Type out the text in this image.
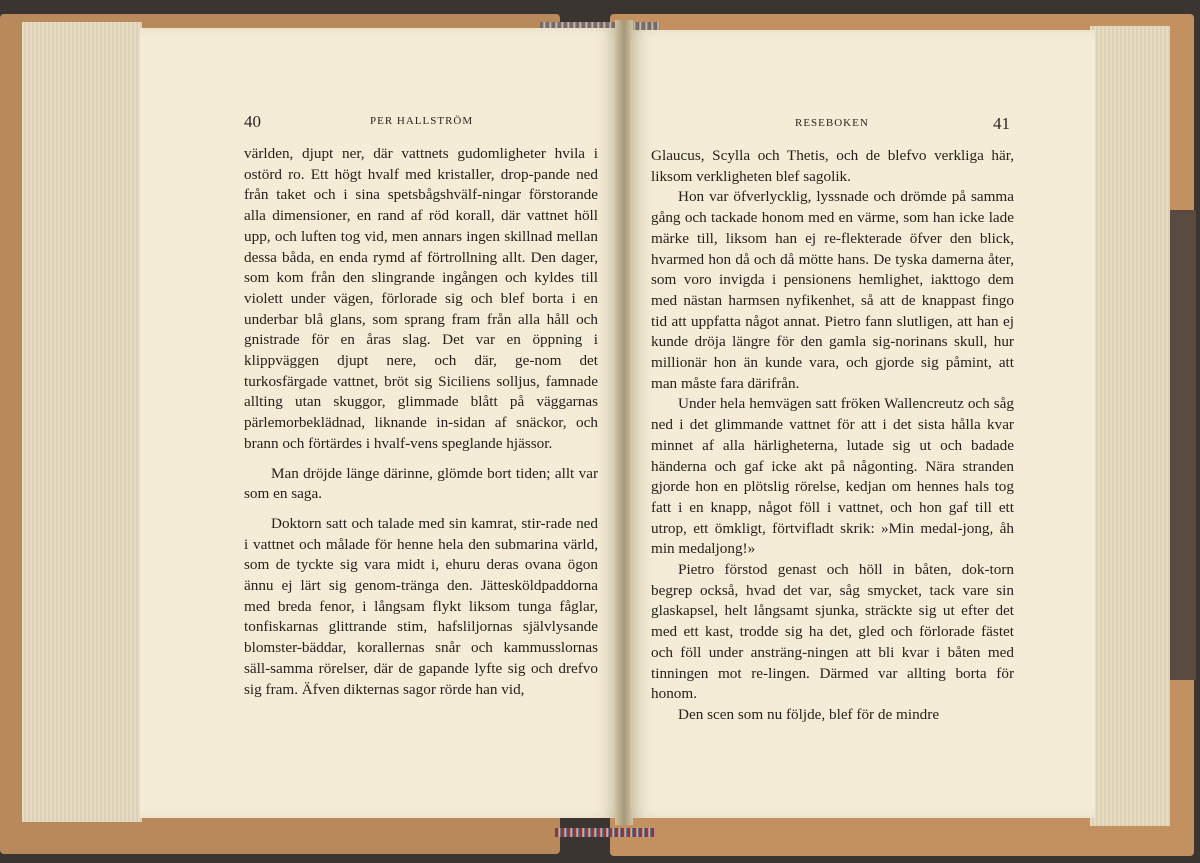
40	PER HALLSTRÖM

världen, djupt ner, där vattnets gudomligheter hvila i ostörd ro. Ett högt hvalf med kristaller, drop-pande ned från taket och i sina spetsbågshvälf-ningar förstorande alla dimensioner, en rand af röd korall, där vattnet höll upp, och luften tog vid, men annars ingen skillnad mellan dessa båda, en enda rymd af förtrollning allt. Den dager, som kom från den slingrande ingången och kyldes till violett under vägen, förlorade sig och blef borta i en underbar blå glans, som sprang fram från alla håll och gnistrade för en åras slag. Det var en öppning i klippväggen djupt nere, och där, ge-nom det turkosfärgade vattnet, bröt sig Siciliens solljus, famnade allting utan skuggor, glimmade blått på väggarnas pärlemorbeklädnad, liknande in-sidan af snäckor, och brann och förtärdes i hvalf-vens speglande hjässor.

Man dröjde länge därinne, glömde bort tiden; allt var som en saga.

Doktorn satt och talade med sin kamrat, stir-rade ned i vattnet och målade för henne hela den submarina värld, som de tyckte sig vara midt i, ehuru deras ovana ögon ännu ej lärt sig genom-tränga den. Jättesköldpaddorna med breda fenor, i långsam flykt liksom tunga fåglar, tonfiskarnas glittrande stim, hafsliljornas självlysande blomster-bäddar, korallernas snår och kammusslornas säll-samma rörelser, där de gapande lyfte sig och drefvo sig fram. Äfven dikternas sagor rörde han vid,

RESEBOKEN	41

Glaucus, Scylla och Thetis, och de blefvo verkliga här, liksom verkligheten blef sagolik.

Hon var öfverlycklig, lyssnade och drömde på samma gång och tackade honom med en värme, som han icke lade märke till, liksom han ej re-flekterade öfver den blick, hvarmed hon då och då mötte hans. De tyska damerna åter, som voro invigda i pensionens hemlighet, iakttogo dem med nästan harmsen nyfikenhet, så att de knappast fingo tid att uppfatta något annat. Pietro fann slutligen, att han ej kunde dröja längre för den gamla sig-norinans skull, hur millionär hon än kunde vara, och gjorde sig påmint, att man måste fara därifrån.

Under hela hemvägen satt fröken Wallencreutz och såg ned i det glimmande vattnet för att i det sista hålla kvar minnet af alla härligheterna, lutade sig ut och badade händerna och gaf icke akt på någonting. Nära stranden gjorde hon en plötslig rörelse, kedjan om hennes hals tog fatt i en knapp, något föll i vattnet, och hon gaf till ett utrop, ett ömkligt, förtvifladt skrik: »Min medal-jong, åh min medaljong!»

Pietro förstod genast och höll in båten, dok-torn begrep också, hvad det var, såg smycket, tack vare sin glaskapsel, helt långsamt sjunka, sträckte sig ut efter det med ett kast, trodde sig ha det, gled och förlorade fästet och föll under ansträng-ningen att bli kvar i båten med tinningen mot re-lingen. Därmed var allting borta för honom.

Den scen som nu följde, blef för de mindre
